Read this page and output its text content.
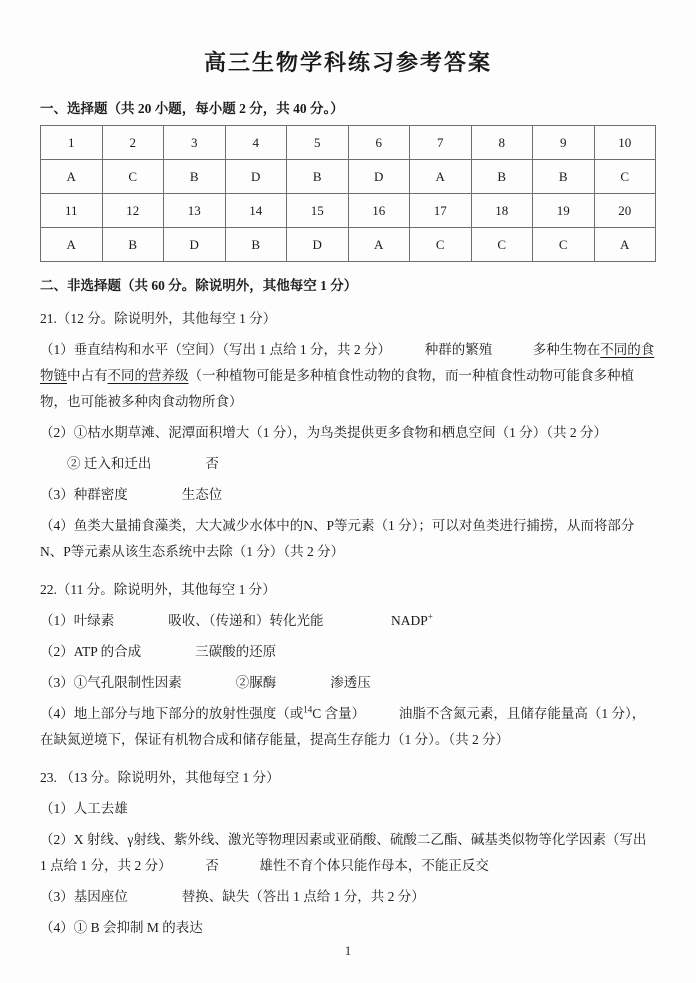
高三生物学科练习参考答案
一、选择题（共 20 小题，每小题 2 分，共 40 分。）
1	2	3	4	5	6	7	8	9	10
A	C	B	D	B	D	A	B	B	C
11	12	13	14	15	16	17	18	19	20
A	B	D	B	D	A	C	C	C	A
二、非选择题（共 60 分。除说明外，其他每空 1 分）
21.（12 分。除说明外，其他每空 1 分）
（1）垂直结构和水平（空间）（写出 1 点给 1 分，共 2 分）　　　种群的繁殖　　　多种生物在不同的食物链中占有不同的营养级（一种植物可能是多种植食性动物的食物，而一种植食性动物可能食多种植物，也可能被多种肉食动物所食）
（2）①枯水期草滩、泥潭面积增大（1 分），为鸟类提供更多食物和栖息空间（1 分）（共 2 分）
　　② 迁入和迁出　　　　否
（3）种群密度　　　　生态位
（4）鱼类大量捕食藻类，大大减少水体中的N、P等元素（1 分）；可以对鱼类进行捕捞，从而将部分N、P等元素从该生态系统中去除（1 分）（共 2 分）
22.（11 分。除说明外，其他每空 1 分）
（1）叶绿素　　　　吸收、（传递和）转化光能　　　　　NADP+
（2）ATP 的合成　　　　三碳酸的还原
（3）①气孔限制性因素　　　　②脲酶　　　　渗透压
（4）地上部分与地下部分的放射性强度（或$^{14}$C 含量）　　　油脂不含氮元素，且储存能量高（1 分），在缺氮逆境下，保证有机物合成和储存能量，提高生存能力（1 分）。（共 2 分）
23. （13 分。除说明外，其他每空 1 分）
（1）人工去雄
（2）X 射线、γ射线、紫外线、激光等物理因素或亚硝酸、硫酸二乙酯、碱基类似物等化学因素（写出 1 点给 1 分，共 2 分）　　　否　　　雄性不育个体只能作母本，不能正反交
（3）基因座位　　　　替换、缺失（答出 1 点给 1 分，共 2 分）
（4）① B 会抑制 M 的表达
1
